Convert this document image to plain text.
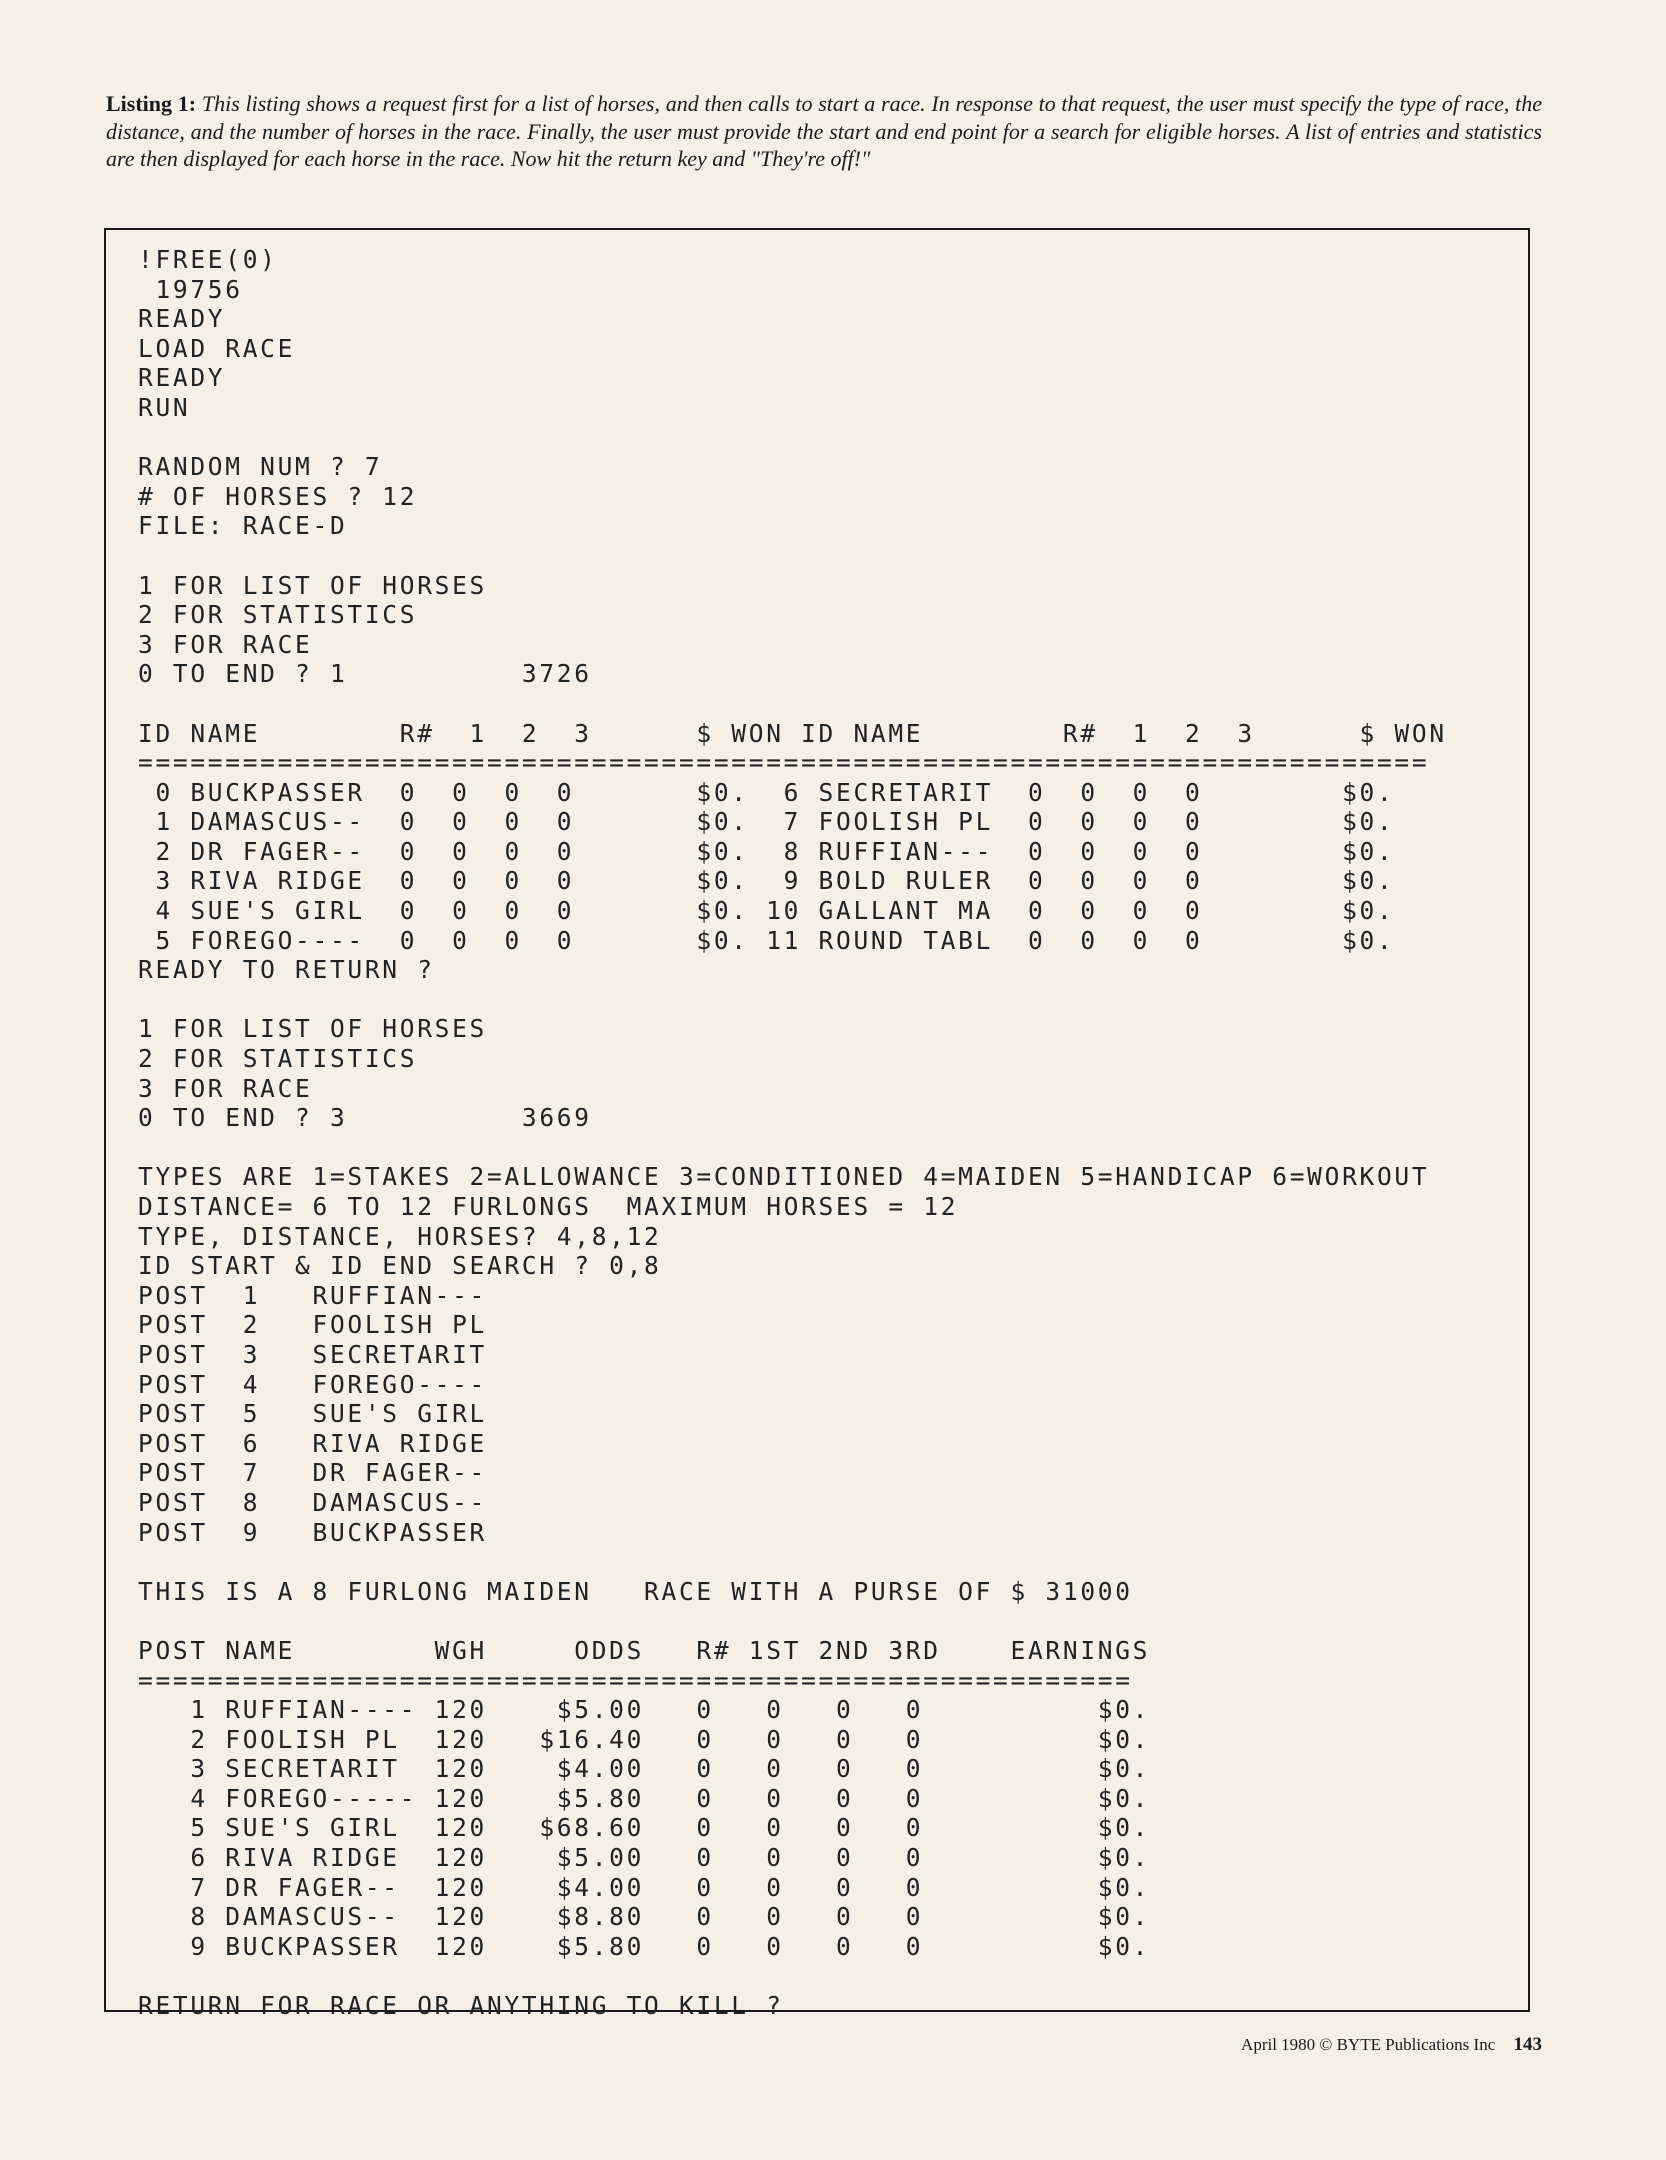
Listing 1: This listing shows a request first for a list of horses, and then calls to start a race. In response to that request, the user must specify the type of race, the distance, and the number of horses in the race. Finally, the user must provide the start and end point for a search for eligible horses. A list of entries and statistics are then displayed for each horse in the race. Now hit the return key and "They're off!"
!FREE(0)
19756
READY
LOAD RACE
READY
RUN
RANDOM NUM ? 7
# OF HORSES ? 12
FILE: RACE-D
1 FOR LIST OF HORSES
2 FOR STATISTICS
3 FOR RACE
0 TO END ? 1          3726
ID NAME        R#  1  2  3      $ WON ID NAME        R#  1  2  3      $ WON
==========================================================================
0 BUCKPASSER  0  0  0  0       $0.  6 SECRETARIT  0  0  0  0        $0.
1 DAMASCUS--  0  0  0  0       $0.  7 FOOLISH PL  0  0  0  0        $0.
2 DR FAGER--  0  0  0  0       $0.  8 RUFFIAN---  0  0  0  0        $0.
3 RIVA RIDGE  0  0  0  0       $0.  9 BOLD RULER  0  0  0  0        $0.
4 SUE'S GIRL  0  0  0  0       $0. 10 GALLANT MA  0  0  0  0        $0.
5 FOREGO----  0  0  0  0       $0. 11 ROUND TABL  0  0  0  0        $0.
READY TO RETURN ?
1 FOR LIST OF HORSES
2 FOR STATISTICS
3 FOR RACE
0 TO END ? 3          3669
TYPES ARE 1=STAKES 2=ALLOWANCE 3=CONDITIONED 4=MAIDEN 5=HANDICAP 6=WORKOUT
DISTANCE= 6 TO 12 FURLONGS  MAXIMUM HORSES = 12
TYPE, DISTANCE, HORSES? 4,8,12
ID START & ID END SEARCH ? 0,8
POST  1   RUFFIAN---
POST  2   FOOLISH PL
POST  3   SECRETARIT
POST  4   FOREGO----
POST  5   SUE'S GIRL
POST  6   RIVA RIDGE
POST  7   DR FAGER--
POST  8   DAMASCUS--
POST  9   BUCKPASSER
THIS IS A 8 FURLONG MAIDEN   RACE WITH A PURSE OF $ 31000
POST NAME        WGH     ODDS   R# 1ST 2ND 3RD    EARNINGS
=========================================================
1 RUFFIAN---- 120    $5.00   0   0   0   0          $0.
2 FOOLISH PL  120   $16.40   0   0   0   0          $0.
3 SECRETARIT  120    $4.00   0   0   0   0          $0.
4 FOREGO----- 120    $5.80   0   0   0   0          $0.
5 SUE'S GIRL  120   $68.60   0   0   0   0          $0.
6 RIVA RIDGE  120    $5.00   0   0   0   0          $0.
7 DR FAGER--  120    $4.00   0   0   0   0          $0.
8 DAMASCUS--  120    $8.80   0   0   0   0          $0.
9 BUCKPASSER  120    $5.80   0   0   0   0          $0.
RETURN FOR RACE OR ANYTHING TO KILL ?
April 1980 © BYTE Publications Inc 143
